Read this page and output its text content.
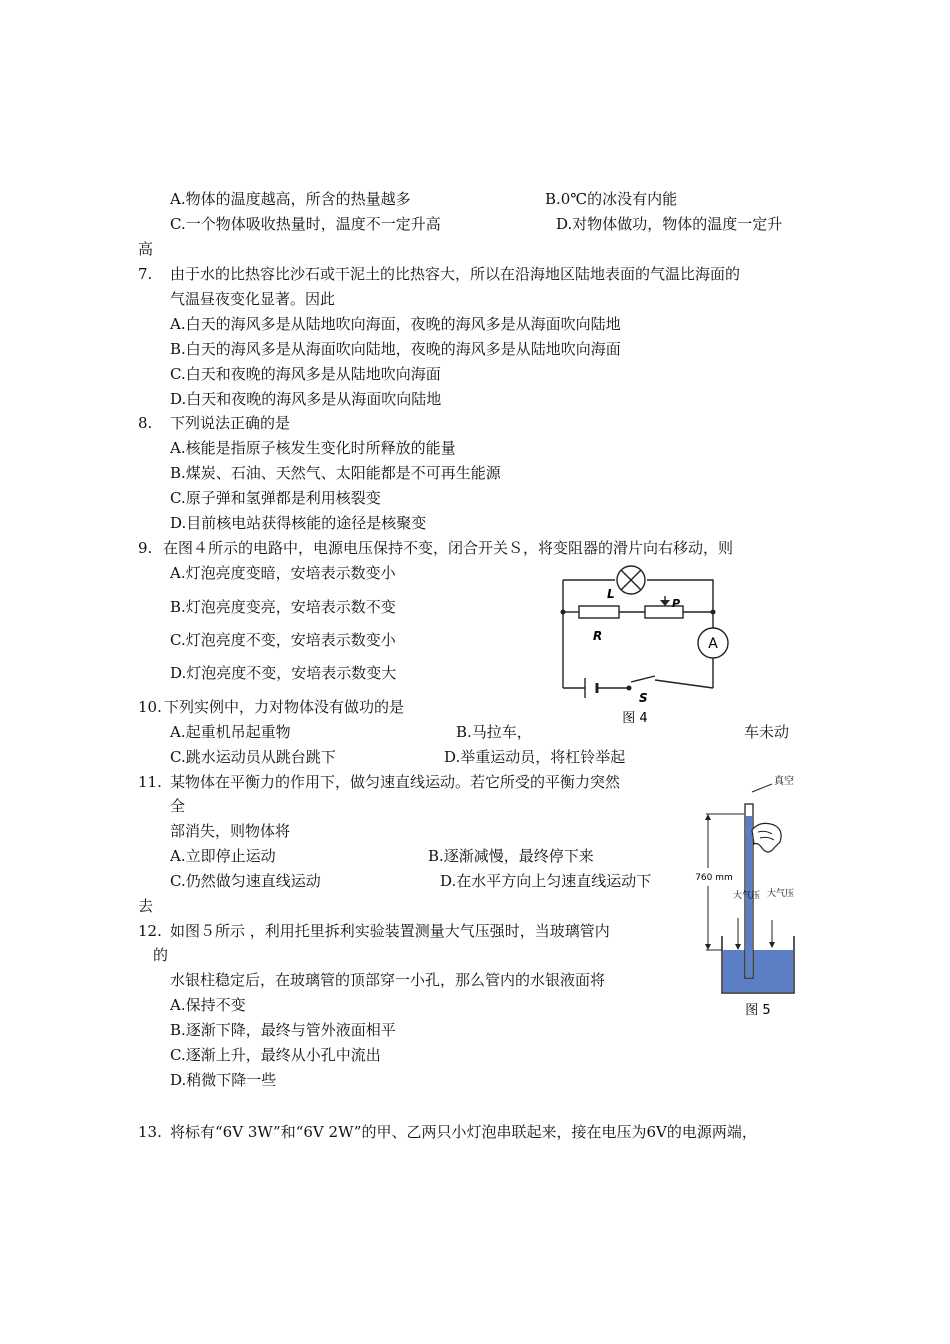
A.物体的温度越高，所含的热量越多	B.0℃的冰没有内能
C.一个物体吸收热量时，温度不一定升高	D.对物体做功，物体的温度一定升
高
7. 由于水的比热容比沙石或干泥土的比热容大，所以在沿海地区陆地表面的气温比海面的
气温昼夜变化显著。因此
A.白天的海风多是从陆地吹向海面，夜晚的海风多是从海面吹向陆地
B.白天的海风多是从海面吹向陆地，夜晚的海风多是从陆地吹向海面
C.白天和夜晚的海风多是从陆地吹向海面
D.白天和夜晚的海风多是从海面吹向陆地
8. 下列说法正确的是
A.核能是指原子核发生变化时所释放的能量
B.煤炭、石油、天然气、太阳能都是不可再生能源
C.原子弹和氢弹都是利用核裂变
D.目前核电站获得核能的途径是核聚变
9. 在图４所示的电路中，电源电压保持不变，闭合开关Ｓ，将变阻器的滑片向右移动，则
A.灯泡亮度变暗，安培表示数变小
B.灯泡亮度变亮，安培表示数不变
C.灯泡亮度不变，安培表示数变小
D.灯泡亮度不变，安培表示数变大
L
P
R
S
A
图 4
10. 下列实例中，力对物体没有做功的是
A.起重机吊起重物	B.马拉车，	车未动
C.跳水运动员从跳台跳下	D.举重运动员，将杠铃举起
11. 某物体在平衡力的作用下，做匀速直线运动。若它所受的平衡力突然
全
部消失，则物体将
A.立即停止运动	B.逐渐减慢，最终停下来
C.仍然做匀速直线运动	D.在水平方向上匀速直线运动下
去
真空
760 mm
大气压 大气压
图 5
12. 如图５所示 ，利用托里拆利实验装置测量大气压强时，当玻璃管内
的
水银柱稳定后，在玻璃管的顶部穿一小孔，那么管内的水银液面将
A.保持不变
B.逐渐下降，最终与管外液面相平
C.逐渐上升，最终从小孔中流出
D.稍微下降一些
13. 将标有“6V 3W”和“6V 2W”的甲、乙两只小灯泡串联起来，接在电压为6V的电源两端，
